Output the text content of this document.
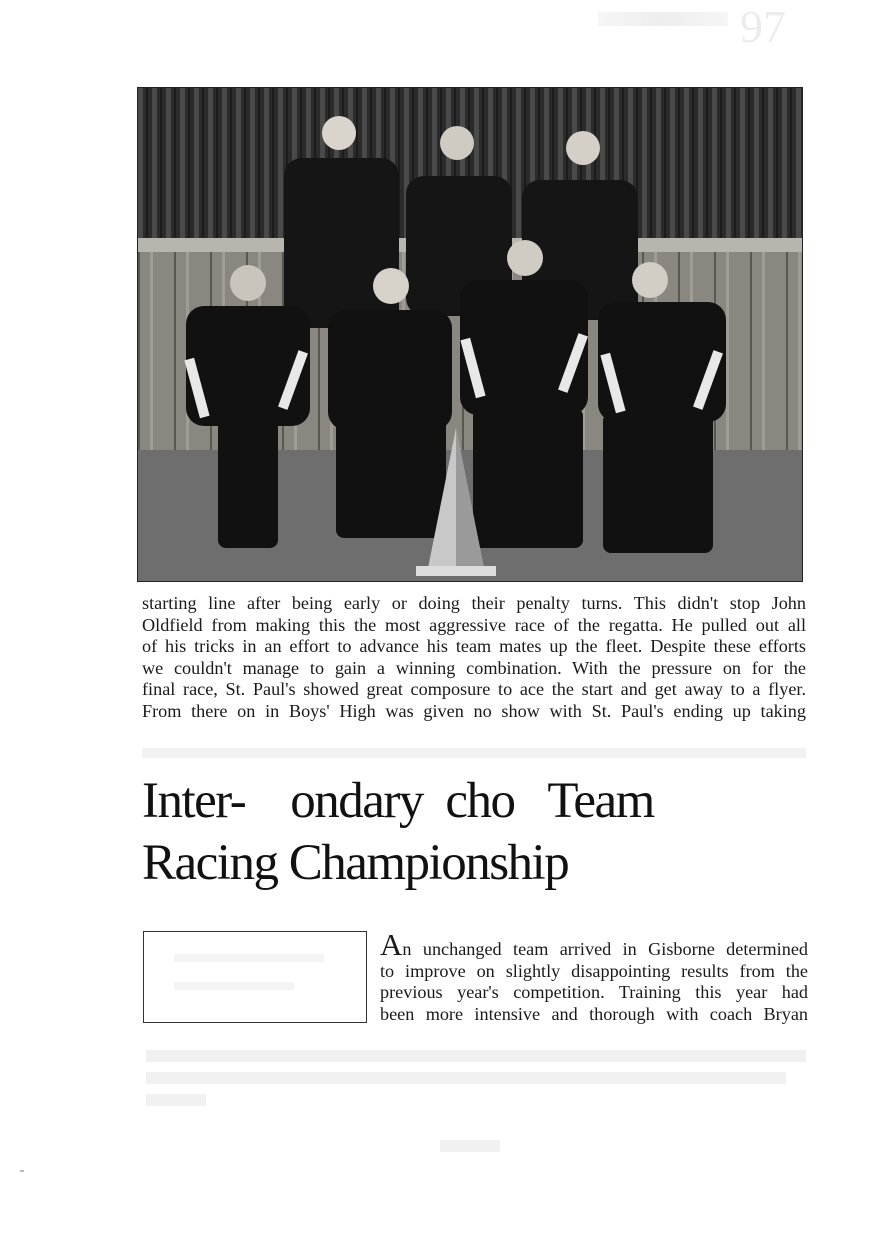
97

starting line after being early or doing their penalty turns. This didn't stop John
Oldfield from making this the most aggressive race of the regatta. He pulled out all
of his tricks in an effort to advance his team mates up the fleet. Despite these efforts
we couldn't manage to gain a winning combination. With the pressure on for the
final race, St. Paul's showed great composure to ace the start and get away to a flyer.
From there on in Boys' High was given no show with St. Paul's ending up taking

Inter-    ondary  cho   Team
Racing Championship

An unchanged team arrived in Gisborne determined
to improve on slightly disappointing results from the
previous year's competition. Training this year had
been more intensive and thorough with coach Bryan
